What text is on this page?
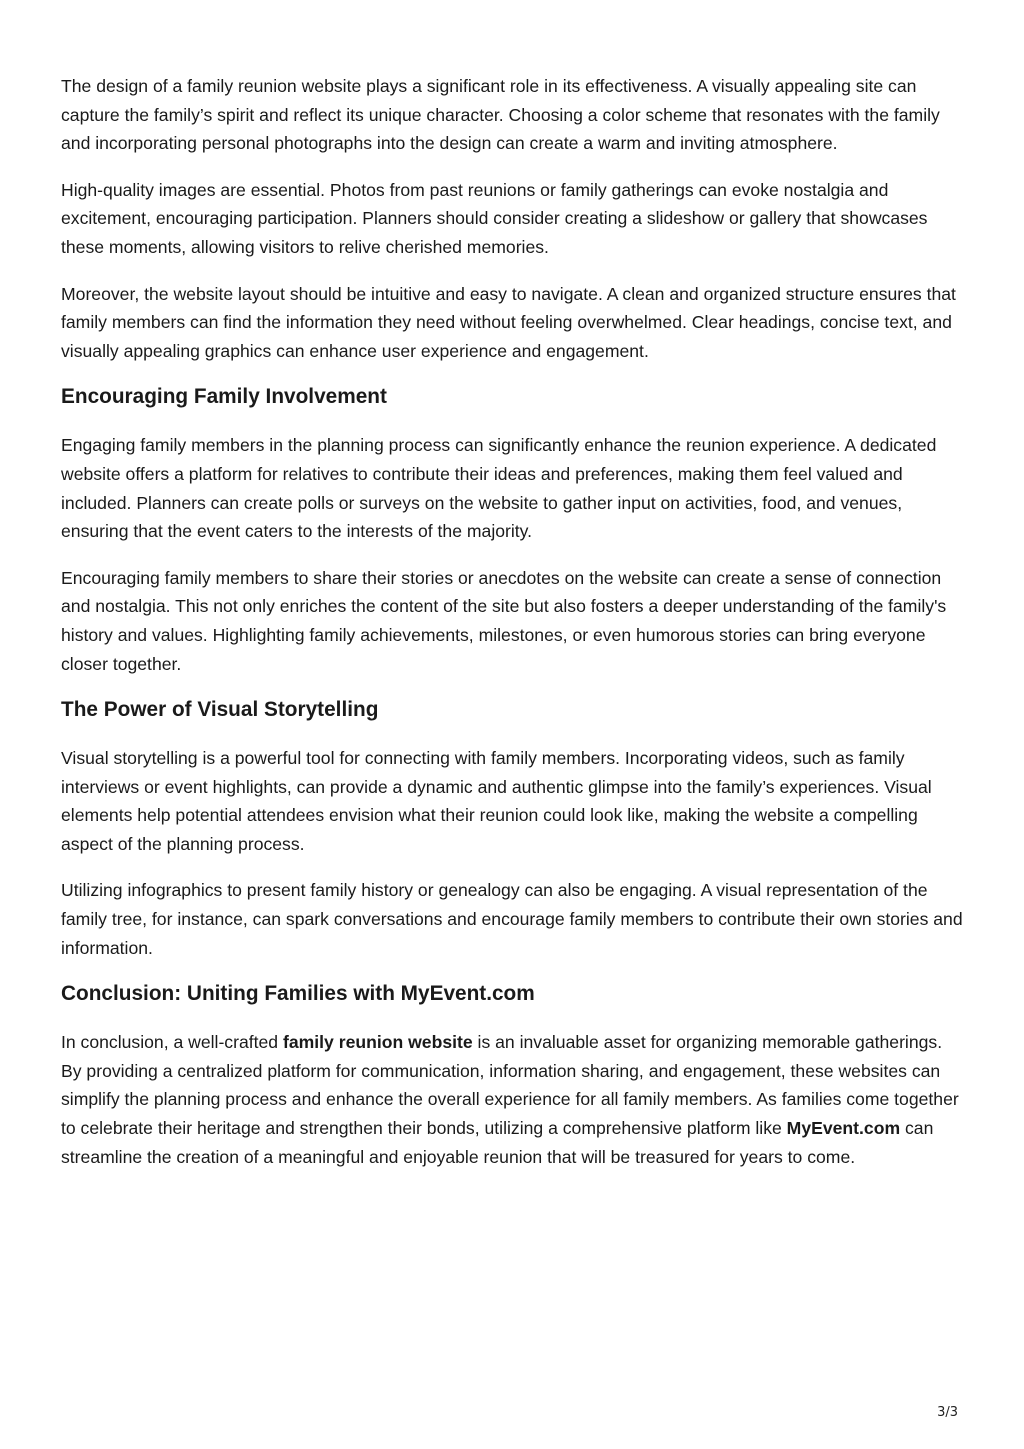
The design of a family reunion website plays a significant role in its effectiveness. A visually appealing site can capture the family’s spirit and reflect its unique character. Choosing a color scheme that resonates with the family and incorporating personal photographs into the design can create a warm and inviting atmosphere.

High-quality images are essential. Photos from past reunions or family gatherings can evoke nostalgia and excitement, encouraging participation. Planners should consider creating a slideshow or gallery that showcases these moments, allowing visitors to relive cherished memories.

Moreover, the website layout should be intuitive and easy to navigate. A clean and organized structure ensures that family members can find the information they need without feeling overwhelmed. Clear headings, concise text, and visually appealing graphics can enhance user experience and engagement.

Encouraging Family Involvement

Engaging family members in the planning process can significantly enhance the reunion experience. A dedicated website offers a platform for relatives to contribute their ideas and preferences, making them feel valued and included. Planners can create polls or surveys on the website to gather input on activities, food, and venues, ensuring that the event caters to the interests of the majority.

Encouraging family members to share their stories or anecdotes on the website can create a sense of connection and nostalgia. This not only enriches the content of the site but also fosters a deeper understanding of the family's history and values. Highlighting family achievements, milestones, or even humorous stories can bring everyone closer together.

The Power of Visual Storytelling

Visual storytelling is a powerful tool for connecting with family members. Incorporating videos, such as family interviews or event highlights, can provide a dynamic and authentic glimpse into the family’s experiences. Visual elements help potential attendees envision what their reunion could look like, making the website a compelling aspect of the planning process.

Utilizing infographics to present family history or genealogy can also be engaging. A visual representation of the family tree, for instance, can spark conversations and encourage family members to contribute their own stories and information.

Conclusion: Uniting Families with MyEvent.com

In conclusion, a well-crafted family reunion website is an invaluable asset for organizing memorable gatherings. By providing a centralized platform for communication, information sharing, and engagement, these websites can simplify the planning process and enhance the overall experience for all family members. As families come together to celebrate their heritage and strengthen their bonds, utilizing a comprehensive platform like MyEvent.com can streamline the creation of a meaningful and enjoyable reunion that will be treasured for years to come.

3/3
